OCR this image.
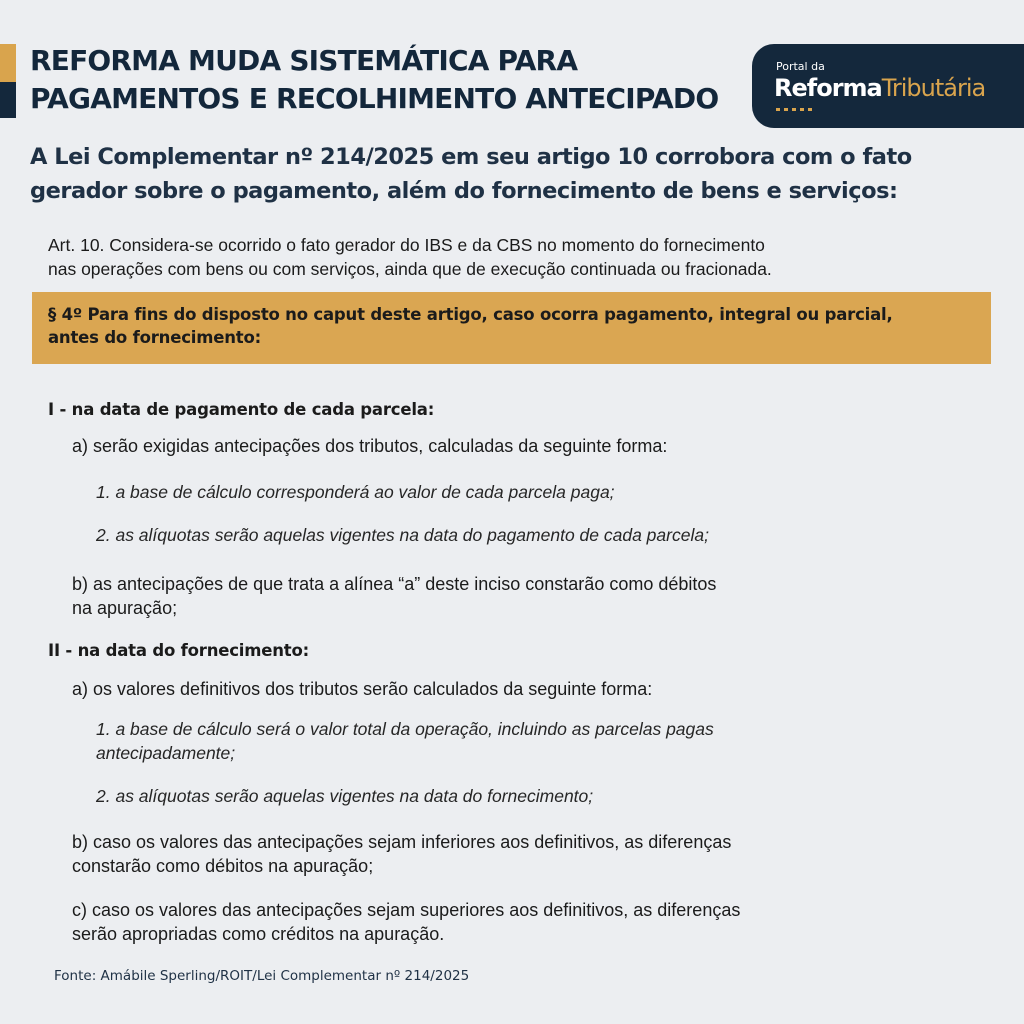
REFORMA MUDA SISTEMÁTICA PARA
PAGAMENTOS E RECOLHIMENTO ANTECIPADO
Portal da
ReformaTributária
A Lei Complementar nº 214/2025 em seu artigo 10 corrobora com o fato
gerador sobre o pagamento, além do fornecimento de bens e serviços:

Art. 10. Considera-se ocorrido o fato gerador do IBS e da CBS no momento do fornecimento
nas operações com bens ou com serviços, ainda que de execução continuada ou fracionada.

§ 4º Para fins do disposto no caput deste artigo, caso ocorra pagamento, integral ou parcial,
antes do fornecimento:

I - na data de pagamento de cada parcela:

a) serão exigidas antecipações dos tributos, calculadas da seguinte forma:

1. a base de cálculo corresponderá ao valor de cada parcela paga;

2. as alíquotas serão aquelas vigentes na data do pagamento de cada parcela;

b) as antecipações de que trata a alínea “a” deste inciso constarão como débitos
na apuração;

II - na data do fornecimento:

a) os valores definitivos dos tributos serão calculados da seguinte forma:

1. a base de cálculo será o valor total da operação, incluindo as parcelas pagas
antecipadamente;

2. as alíquotas serão aquelas vigentes na data do fornecimento;

b) caso os valores das antecipações sejam inferiores aos definitivos, as diferenças
constarão como débitos na apuração;

c) caso os valores das antecipações sejam superiores aos definitivos, as diferenças
serão apropriadas como créditos na apuração.

Fonte: Amábile Sperling/ROIT/Lei Complementar nº 214/2025
